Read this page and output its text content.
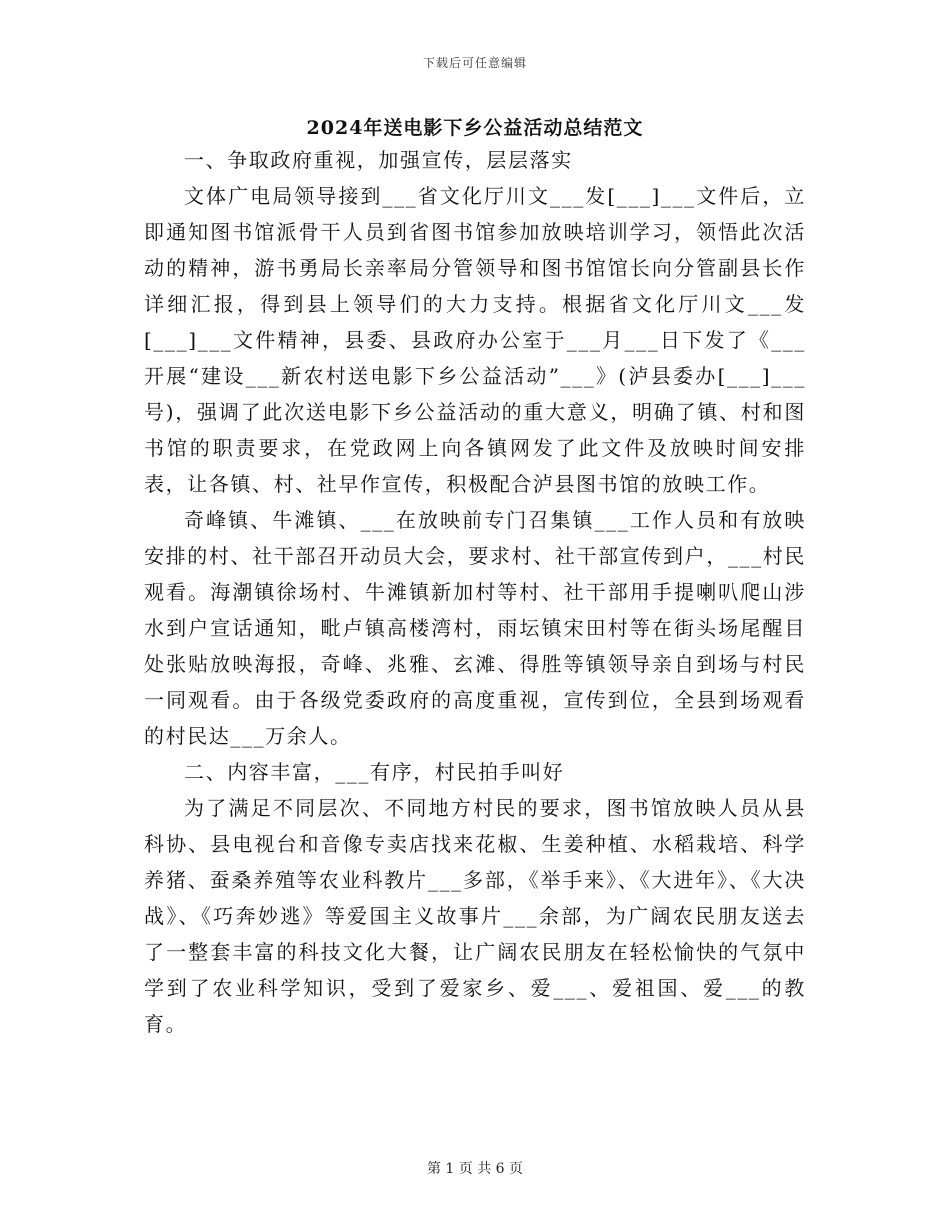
下载后可任意编辑
2024年送电影下乡公益活动总结范文

一、争取政府重视，加强宣传，层层落实

文体广电局领导接到___省文化厅川文___发[___]___文件后，立即通知图书馆派骨干人员到省图书馆参加放映培训学习，领悟此次活动的精神，游书勇局长亲率局分管领导和图书馆馆长向分管副县长作详细汇报，得到县上领导们的大力支持。根据省文化厅川文___发[___]___文件精神，县委、县政府办公室于___月___日下发了《___开展“建设___新农村送电影下乡公益活动”___》(泸县委办[___]___号)，强调了此次送电影下乡公益活动的重大意义，明确了镇、村和图书馆的职责要求，在党政网上向各镇网发了此文件及放映时间安排表，让各镇、村、社早作宣传，积极配合泸县图书馆的放映工作。

奇峰镇、牛滩镇、___在放映前专门召集镇___工作人员和有放映安排的村、社干部召开动员大会，要求村、社干部宣传到户，___村民观看。海潮镇徐场村、牛滩镇新加村等村、社干部用手提喇叭爬山涉水到户宣话通知，毗卢镇高楼湾村，雨坛镇宋田村等在街头场尾醒目处张贴放映海报，奇峰、兆雅、玄滩、得胜等镇领导亲自到场与村民一同观看。由于各级党委政府的高度重视，宣传到位，全县到场观看的村民达___万余人。

二、内容丰富，___有序，村民拍手叫好

为了满足不同层次、不同地方村民的要求，图书馆放映人员从县科协、县电视台和音像专卖店找来花椒、生姜种植、水稻栽培、科学养猪、蚕桑养殖等农业科教片___多部，《举手来》、《大进年》、《大决战》、《巧奔妙逃》等爱国主义故事片___余部，为广阔农民朋友送去了一整套丰富的科技文化大餐，让广阔农民朋友在轻松愉快的气氛中学到了农业科学知识，受到了爱家乡、爱___、爱祖国、爱___的教育。

第 1 页 共 6 页
